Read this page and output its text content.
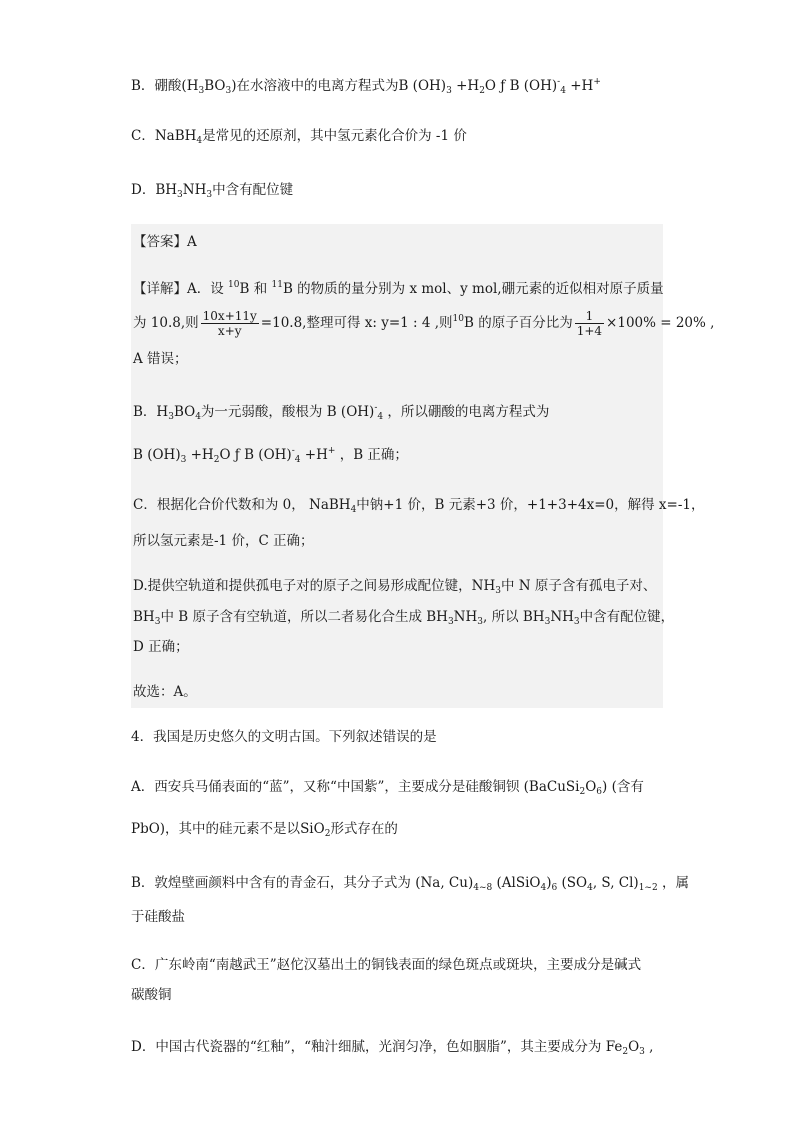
B．硼酸$(H_3BO_3)$在水溶液中的电离方程式为B $(OH)_3 +H_2O$ ƒ B $(OH)^-_4 +H^+$
C．NaBH$_4$是常见的还原剂，其中氢元素化合价为 -1 价
D．$BH_3NH_3$中含有配位键
【答案】A
【详解】A．设 $^{10}$B 和 $^{11}$B 的物质的量分别为 x mol、y mol,硼元素的近似相对原子质量
为 10.8,则 $\frac{10x+11y}{x+y} =10.8$,整理可得 x: y=1 : 4 ,则$^{10}$B 的原子百分比为 $\frac{1}{1+4} \times 100\% = 20\%$ ,
A 错误；
B．$H_3BO_4$为一元弱酸，酸根为 B $(OH)^-_4$ ，所以硼酸的电离方程式为
B $(OH)_3 +H_2O$ ƒ B $(OH)^-_4 +H^+$ ，B 正确；
C．根据化合价代数和为 0， NaBH$_4$中钠+1 价，B 元素+3 价，+1+3+4x=0，解得 x=-1，
所以氢元素是-1 价，C 正确；
D.提供空轨道和提供孤电子对的原子之间易形成配位键，$NH_3$中 N 原子含有孤电子对、
$BH_3$中 B 原子含有空轨道，所以二者易化合生成 $BH_3NH_3$, 所以 $BH_3NH_3$中含有配位键，
D 正确；
故选：A。
4．我国是历史悠久的文明古国。下列叙述错误的是
A．西安兵马俑表面的“蓝”，又称“中国紫”，主要成分是硅酸铜钡 $(BaCuSi_2O_6)$ (含有
PbO)，其中的硅元素不是以SiO$_2$形式存在的
B．敦煌壁画颜料中含有的青金石，其分子式为 (Na, $Cu)_{4\sim 8}$ $(AlSiO_4)_6$ ($SO_4$, S, $Cl)_{1\sim 2}$ ，属
于硅酸盐
C．广东岭南“南越武王”赵佗汉墓出土的铜钱表面的绿色斑点或斑块，主要成分是碱式
碳酸铜
D．中国古代瓷器的“红釉”，“釉汁细腻，光润匀净，色如胭脂”，其主要成分为 $Fe_2O_3$ ,
